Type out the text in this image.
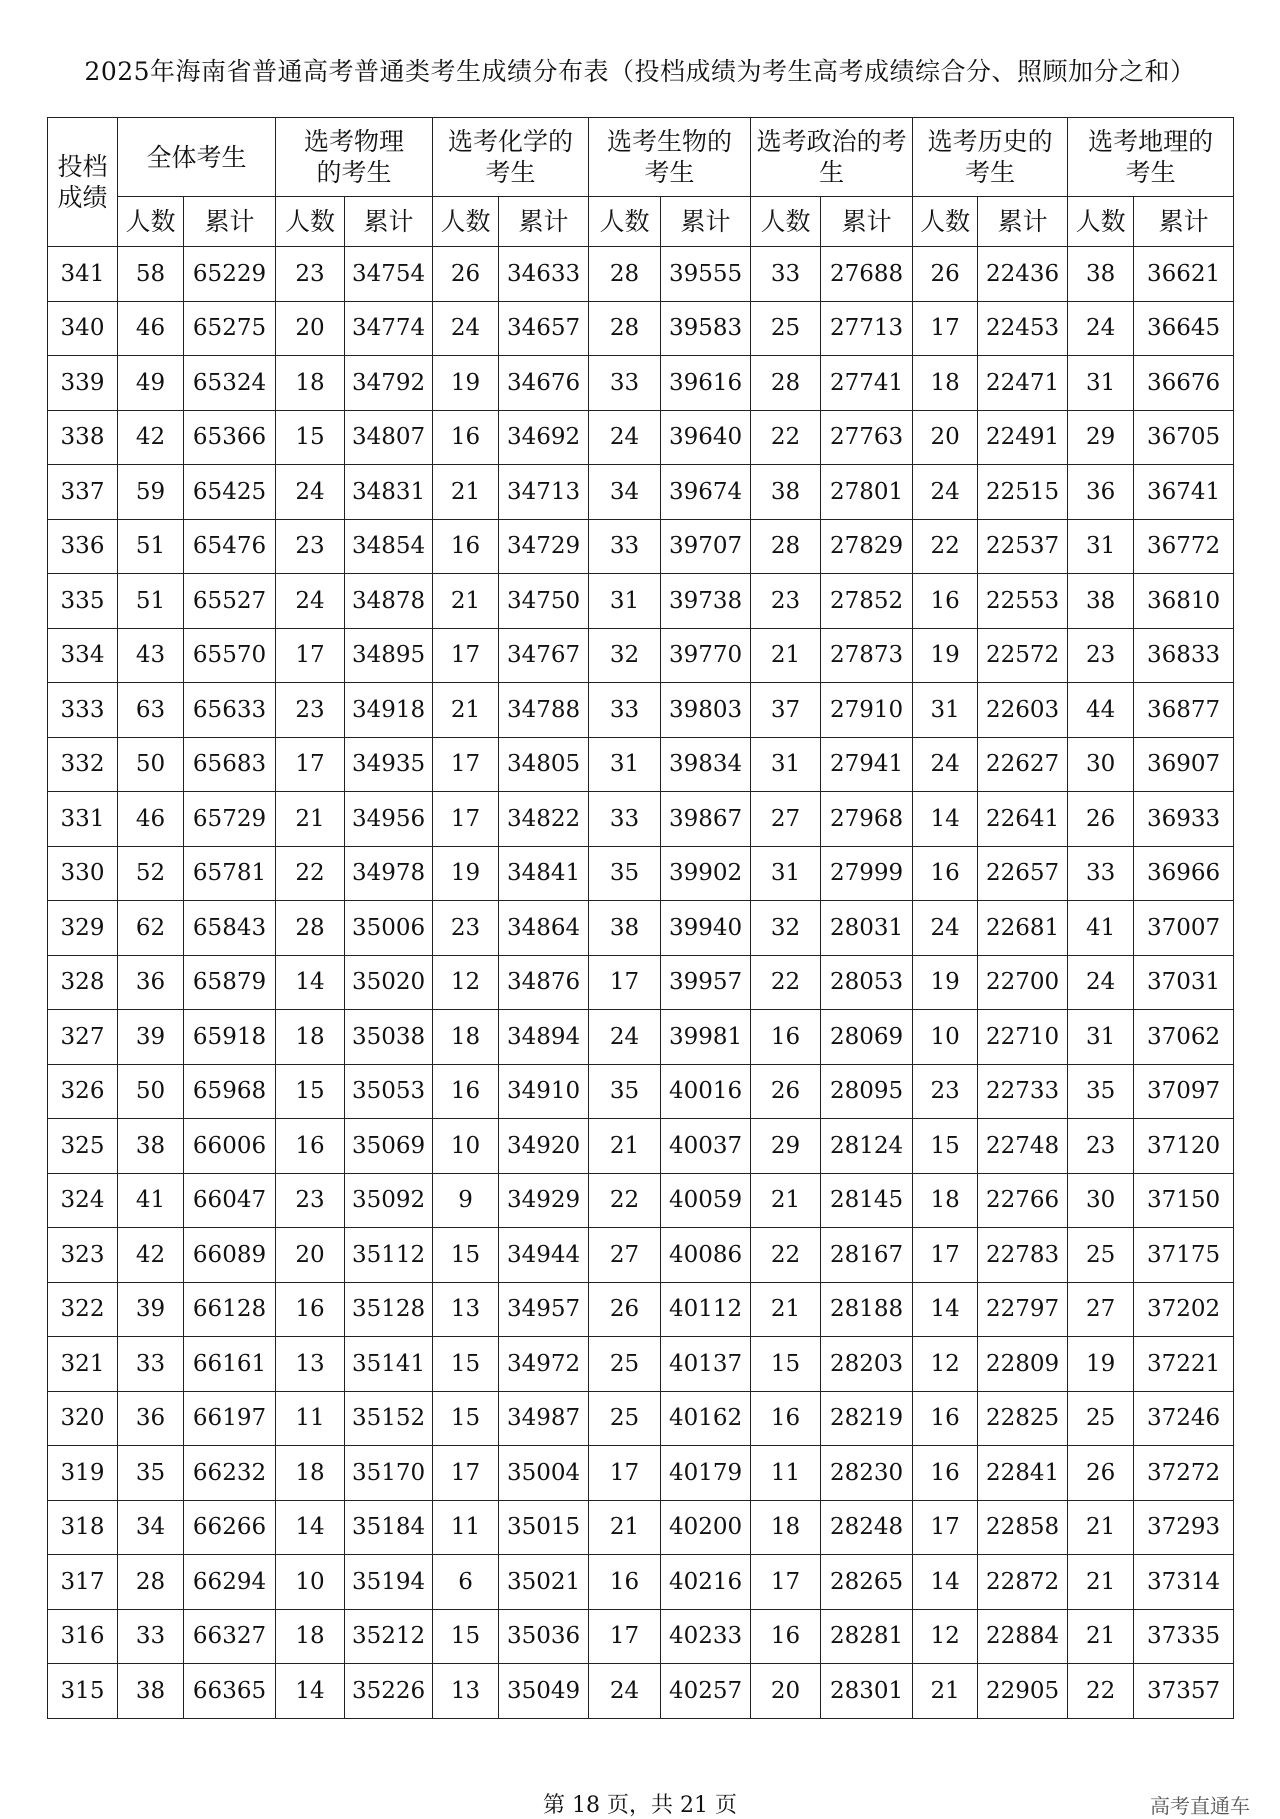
2025年海南省普通高考普通类考生成绩分布表（投档成绩为考生高考成绩综合分、照顾加分之和）
投档成绩	全体考生		选考物理的考生		选考化学的考生		选考生物的考生		选考政治的考生		选考历史的考生		选考地理的考生	
	人数	累计	人数	累计	人数	累计	人数	累计	人数	累计	人数	累计	人数	累计
341	58	65229	23	34754	26	34633	28	39555	33	27688	26	22436	38	36621
340	46	65275	20	34774	24	34657	28	39583	25	27713	17	22453	24	36645
339	49	65324	18	34792	19	34676	33	39616	28	27741	18	22471	31	36676
338	42	65366	15	34807	16	34692	24	39640	22	27763	20	22491	29	36705
337	59	65425	24	34831	21	34713	34	39674	38	27801	24	22515	36	36741
336	51	65476	23	34854	16	34729	33	39707	28	27829	22	22537	31	36772
335	51	65527	24	34878	21	34750	31	39738	23	27852	16	22553	38	36810
334	43	65570	17	34895	17	34767	32	39770	21	27873	19	22572	23	36833
333	63	65633	23	34918	21	34788	33	39803	37	27910	31	22603	44	36877
332	50	65683	17	34935	17	34805	31	39834	31	27941	24	22627	30	36907
331	46	65729	21	34956	17	34822	33	39867	27	27968	14	22641	26	36933
330	52	65781	22	34978	19	34841	35	39902	31	27999	16	22657	33	36966
329	62	65843	28	35006	23	34864	38	39940	32	28031	24	22681	41	37007
328	36	65879	14	35020	12	34876	17	39957	22	28053	19	22700	24	37031
327	39	65918	18	35038	18	34894	24	39981	16	28069	10	22710	31	37062
326	50	65968	15	35053	16	34910	35	40016	26	28095	23	22733	35	37097
325	38	66006	16	35069	10	34920	21	40037	29	28124	15	22748	23	37120
324	41	66047	23	35092	9	34929	22	40059	21	28145	18	22766	30	37150
323	42	66089	20	35112	15	34944	27	40086	22	28167	17	22783	25	37175
322	39	66128	16	35128	13	34957	26	40112	21	28188	14	22797	27	37202
321	33	66161	13	35141	15	34972	25	40137	15	28203	12	22809	19	37221
320	36	66197	11	35152	15	34987	25	40162	16	28219	16	22825	25	37246
319	35	66232	18	35170	17	35004	17	40179	11	28230	16	22841	26	37272
318	34	66266	14	35184	11	35015	21	40200	18	28248	17	22858	21	37293
317	28	66294	10	35194	6	35021	16	40216	17	28265	14	22872	21	37314
316	33	66327	18	35212	15	35036	17	40233	16	28281	12	22884	21	37335
315	38	66365	14	35226	13	35049	24	40257	20	28301	21	22905	22	37357
第 18 页，共 21 页	高考直通车
